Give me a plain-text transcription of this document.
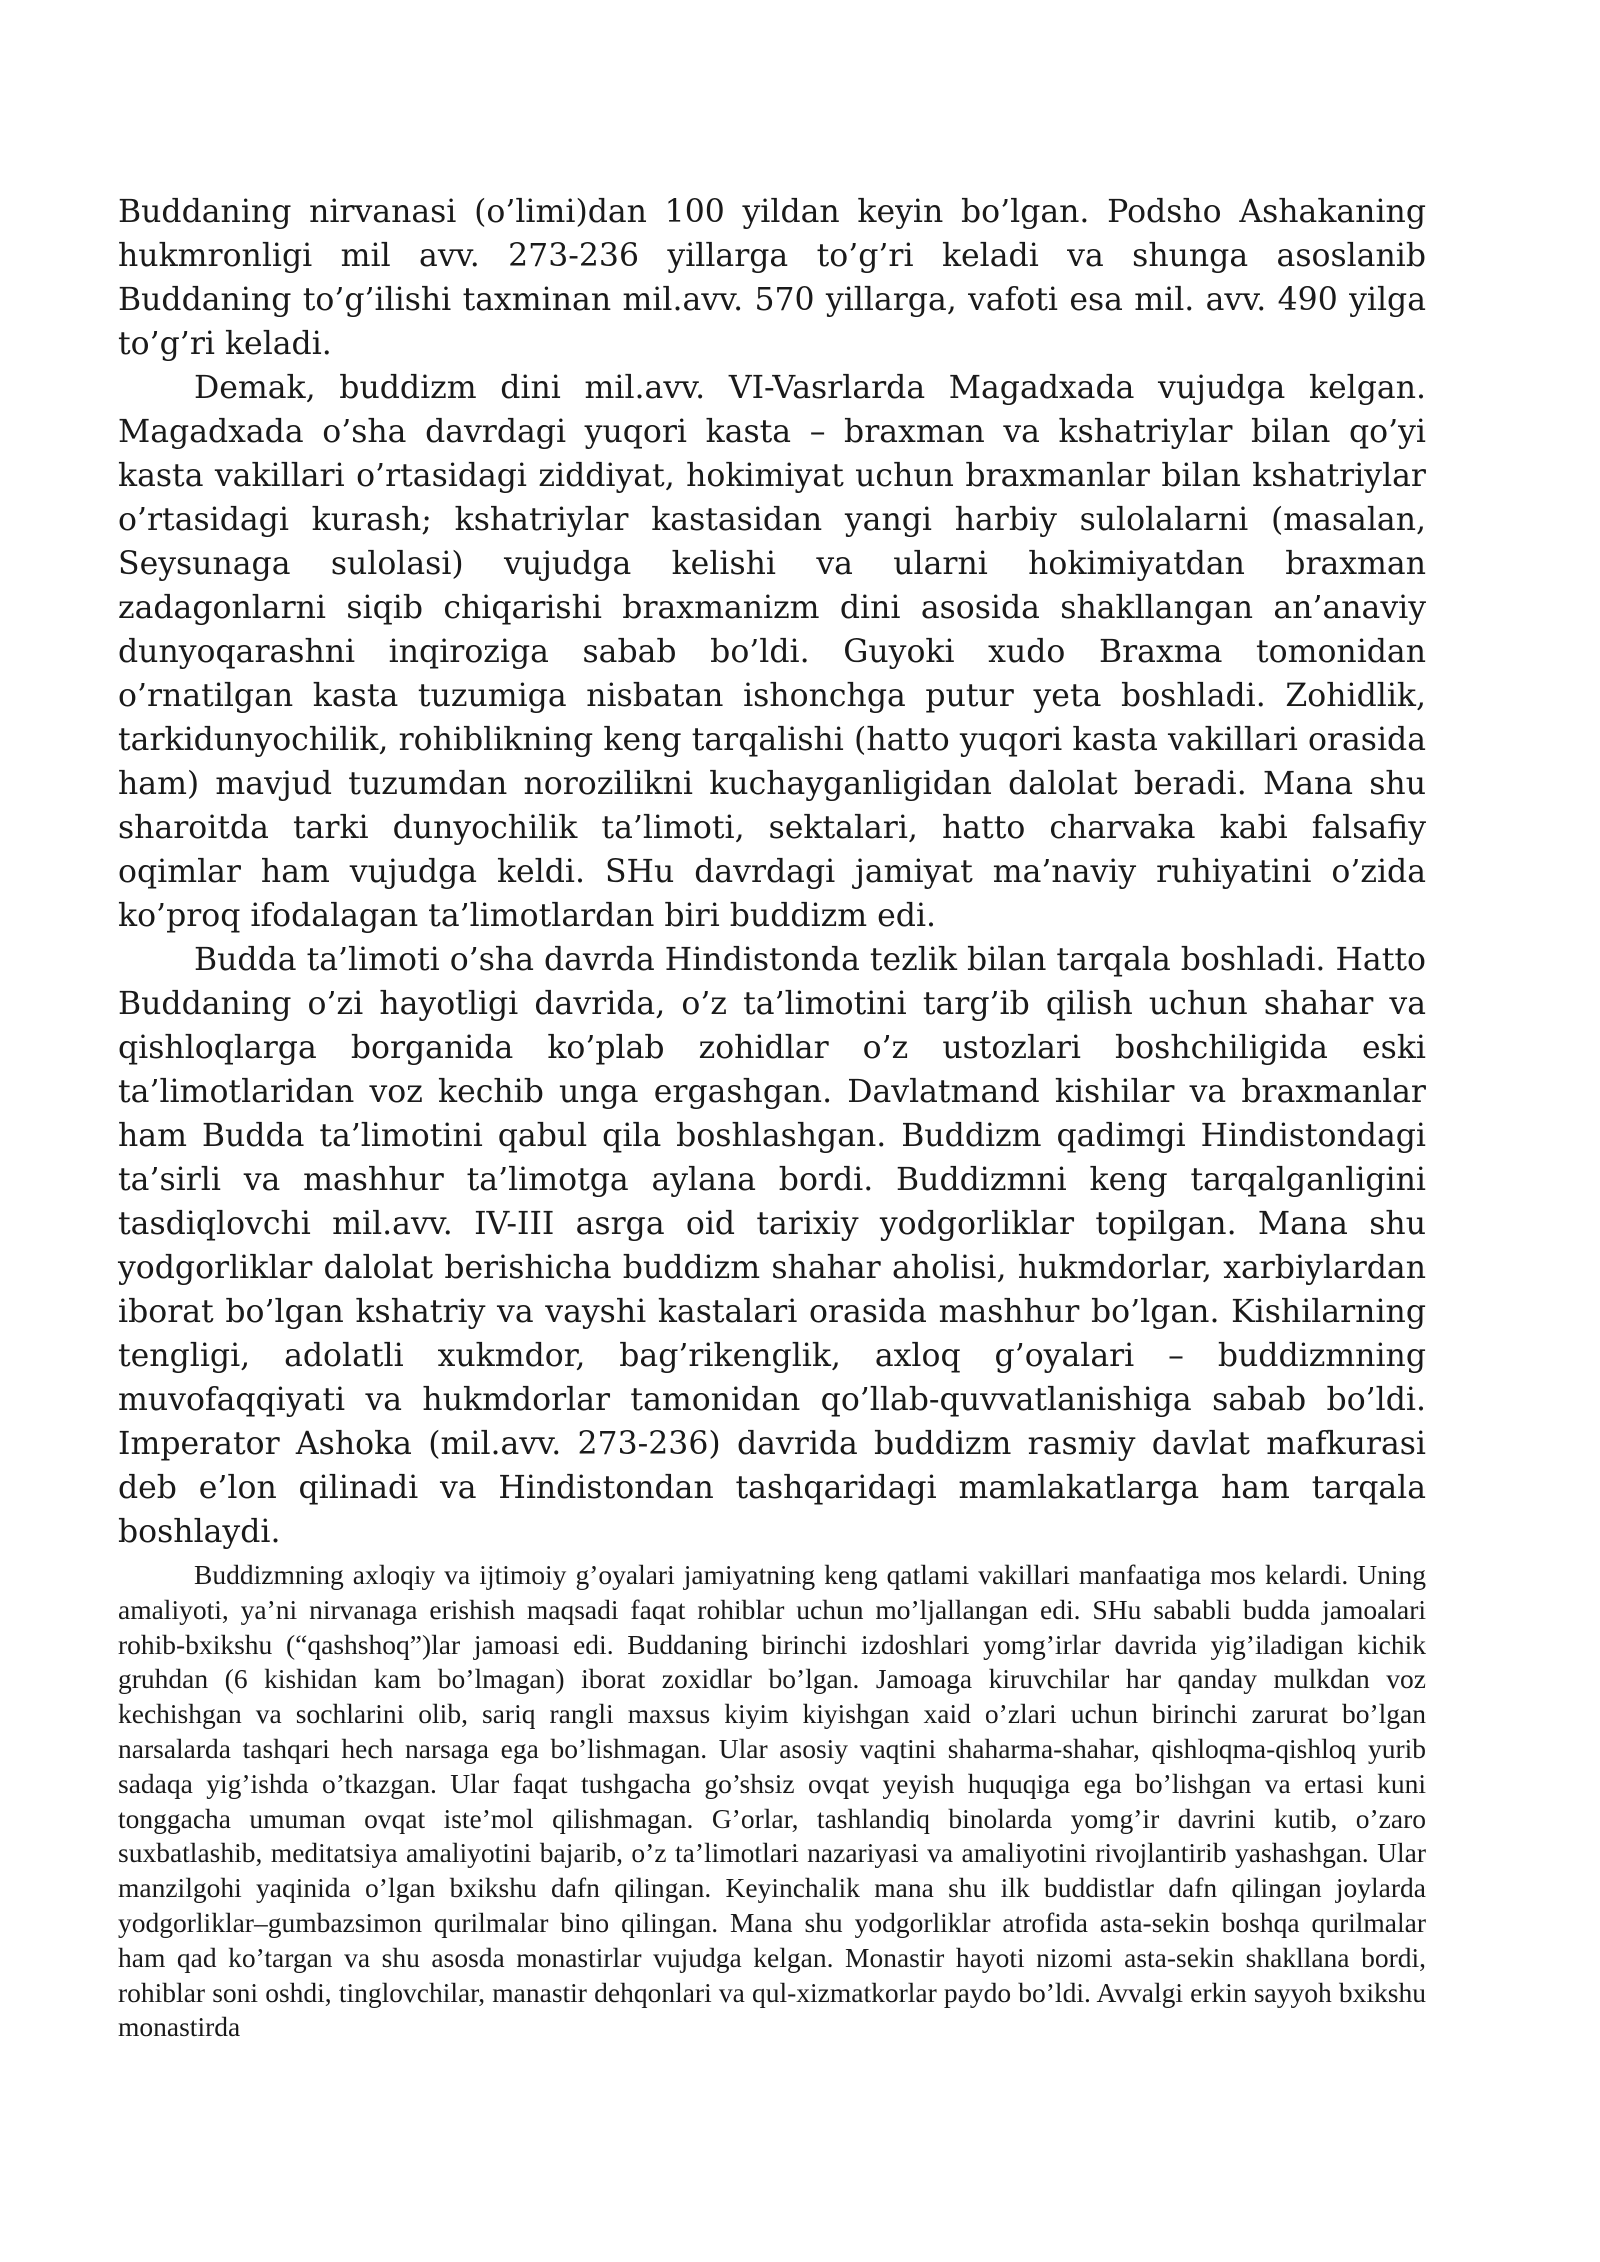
Buddaning nirvanasi (o’limi)dan 100 yildan keyin bo’lgan. Podsho Ashakaning hukmronligi mil avv. 273-236 yillarga to’g’ri keladi va shunga asoslanib Buddaning to’g’ilishi taxminan mil.avv. 570 yillarga, vafoti esa mil. avv. 490 yilga to’g’ri keladi.

Demak, buddizm dini mil.avv. VI-Vasrlarda Magadxada vujudga kelgan. Magadxada o’sha davrdagi yuqori kasta – braxman va kshatriylar bilan qo’yi kasta vakillari o’rtasidagi ziddiyat, hokimiyat uchun braxmanlar bilan kshatriylar o’rtasidagi kurash; kshatriylar kastasidan yangi harbiy sulolalarni (masalan, Seysunaga sulolasi) vujudga kelishi va ularni hokimiyatdan braxman zadagonlarni siqib chiqarishi braxmanizm dini asosida shakllangan an’anaviy dunyoqarashni inqiroziga sabab bo’ldi. Guyoki xudo Braxma tomonidan o’rnatilgan kasta tuzumiga nisbatan ishonchga putur yeta boshladi. Zohidlik, tarkidunyochilik, rohiblikning keng tarqalishi (hatto yuqori kasta vakillari orasida ham) mavjud tuzumdan norozilikni kuchayganligidan dalolat beradi. Mana shu sharoitda tarki dunyochilik ta’limoti, sektalari, hatto charvaka kabi falsafiy oqimlar ham vujudga keldi. SHu davrdagi jamiyat ma’naviy ruhiyatini o’zida ko’proq ifodalagan ta’limotlardan biri buddizm edi.

Budda ta’limoti o’sha davrda Hindistonda tezlik bilan tarqala boshladi. Hatto Buddaning o’zi hayotligi davrida, o’z ta’limotini targ’ib qilish uchun shahar va qishloqlarga borganida ko’plab zohidlar o’z ustozlari boshchiligida eski ta’limotlaridan voz kechib unga ergashgan. Davlatmand kishilar va braxmanlar ham Budda ta’limotini qabul qila boshlashgan. Buddizm qadimgi Hindistondagi ta’sirli va mashhur ta’limotga aylana bordi. Buddizmni keng tarqalganligini tasdiqlovchi mil.avv. IV-III asrga oid tarixiy yodgorliklar topilgan. Mana shu yodgorliklar dalolat berishicha buddizm shahar aholisi, hukmdorlar, xarbiylardan iborat bo’lgan kshatriy va vayshi kastalari orasida mashhur bo’lgan. Kishilarning tengligi, adolatli xukmdor, bag’rikenglik, axloq g’oyalari – buddizmning muvofaqqiyati va hukmdorlar tamonidan qo’llab-quvvatlanishiga sabab bo’ldi. Imperator Ashoka (mil.avv. 273-236) davrida buddizm rasmiy davlat mafkurasi deb e’lon qilinadi va Hindistondan tashqaridagi mamlakatlarga ham tarqala boshlaydi.

Buddizmning axloqiy va ijtimoiy g’oyalari jamiyatning keng qatlami vakillari manfaatiga mos kelardi. Uning amaliyoti, ya’ni nirvanaga erishish maqsadi faqat rohiblar uchun mo’ljallangan edi. SHu sababli budda jamoalari rohib-bxikshu (“qashshoq”)lar jamoasi edi. Buddaning birinchi izdoshlari yomg’irlar davrida yig’iladigan kichik gruhdan (6 kishidan kam bo’lmagan) iborat zoxidlar bo’lgan. Jamoaga kiruvchilar har qanday mulkdan voz kechishgan va sochlarini olib, sariq rangli maxsus kiyim kiyishgan xaid o’zlari uchun birinchi zarurat bo’lgan narsalarda tashqari hech narsaga ega bo’lishmagan. Ular asosiy vaqtini shaharma-shahar, qishloqma-qishloq yurib sadaqa yig’ishda o’tkazgan. Ular faqat tushgacha go’shsiz ovqat yeyish huquqiga ega bo’lishgan va ertasi kuni tonggacha umuman ovqat iste’mol qilishmagan. G’orlar, tashlandiq binolarda yomg’ir davrini kutib, o’zaro suxbatlashib, meditatsiya amaliyotini bajarib, o’z ta’limotlari nazariyasi va amaliyotini rivojlantirib yashashgan. Ular manzilgohi yaqinida o’lgan bxikshu dafn qilingan. Keyinchalik mana shu ilk buddistlar dafn qilingan joylarda yodgorliklar–gumbazsimon qurilmalar bino qilingan. Mana shu yodgorliklar atrofida asta-sekin boshqa qurilmalar ham qad ko’targan va shu asosda monastirlar vujudga kelgan. Monastir hayoti nizomi asta-sekin shakllana bordi, rohiblar soni oshdi, tinglovchilar, manastir dehqonlari va qul-xizmatkorlar paydo bo’ldi. Avvalgi erkin sayyoh bxikshu monastirda
